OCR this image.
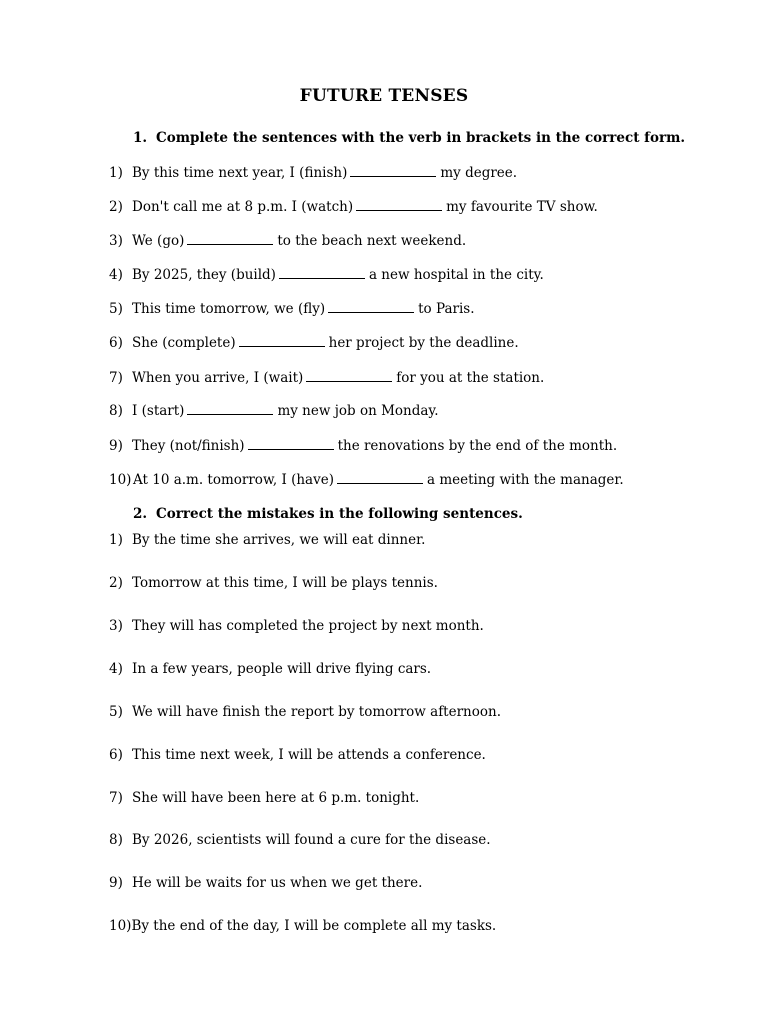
FUTURE TENSES
1. Complete the sentences with the verb in brackets in the correct form.
1) By this time next year, I (finish)	my degree.
2) Don't call me at 8 p.m. I (watch)	my favourite TV show.
3) We (go)	to the beach next weekend.
4) By 2025, they (build)	a new hospital in the city.
5) This time tomorrow, we (fly)	to Paris.
6) She (complete)	her project by the deadline.
7) When you arrive, I (wait)	for you at the station.
8) I (start)	my new job on Monday.
9) They (not/finish)	the renovations by the end of the month.
10) At 10 a.m. tomorrow, I (have)	a meeting with the manager.
2. Correct the mistakes in the following sentences.
1) By the time she arrives, we will eat dinner.
2) Tomorrow at this time, I will be plays tennis.
3) They will has completed the project by next month.
4) In a few years, people will drive flying cars.
5) We will have finish the report by tomorrow afternoon.
6) This time next week, I will be attends a conference.
7) She will have been here at 6 p.m. tonight.
8) By 2026, scientists will found a cure for the disease.
9) He will be waits for us when we get there.
10)By the end of the day, I will be complete all my tasks.
